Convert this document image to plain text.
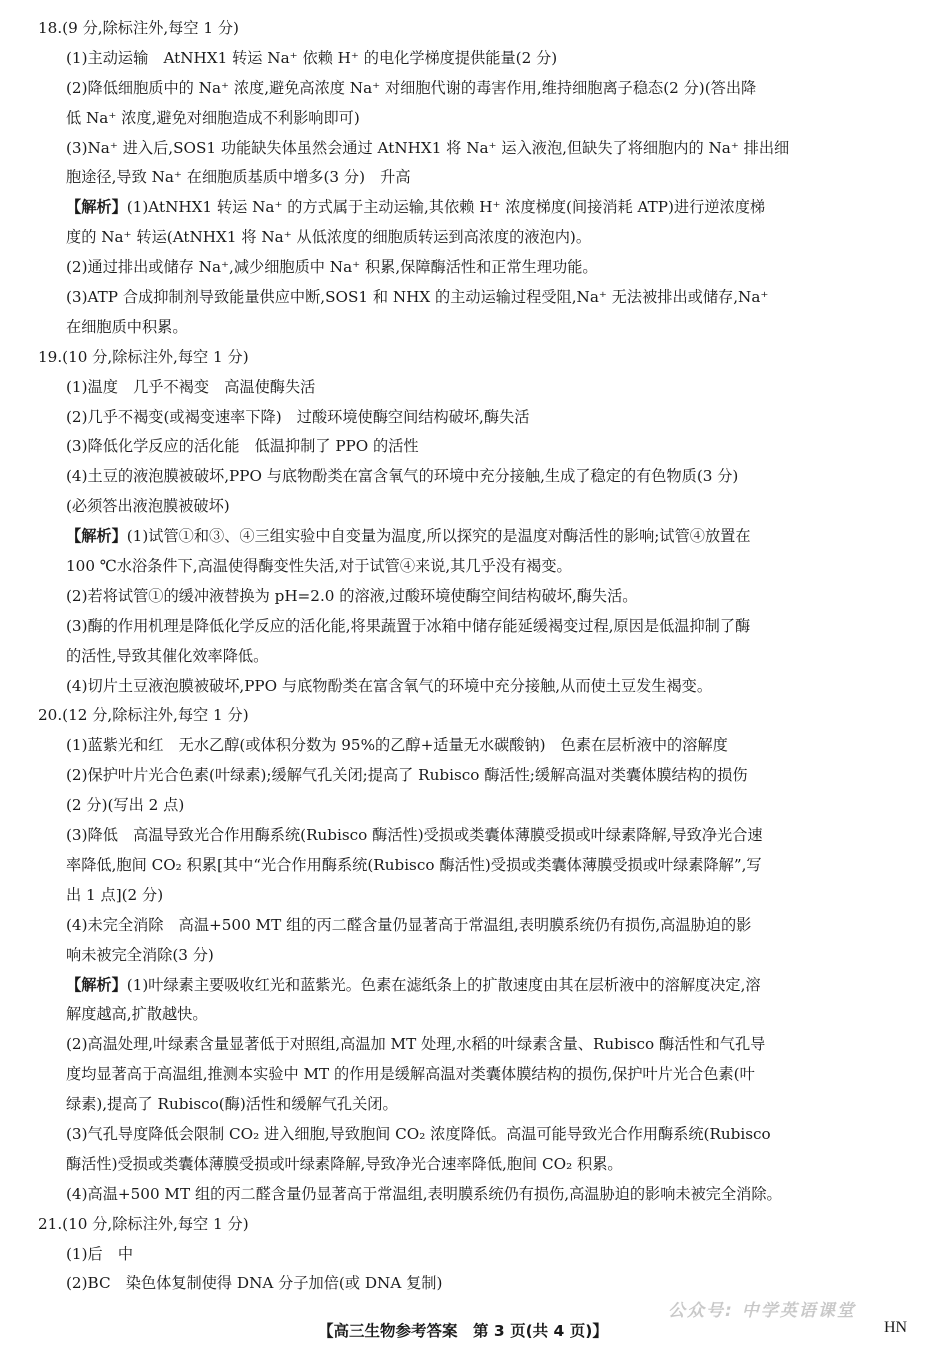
18.(9 分,除标注外,每空 1 分)
(1)主动运输　AtNHX1 转运 Na⁺ 依赖 H⁺ 的电化学梯度提供能量(2 分)
(2)降低细胞质中的 Na⁺ 浓度,避免高浓度 Na⁺ 对细胞代谢的毒害作用,维持细胞离子稳态(2 分)(答出降
低 Na⁺ 浓度,避免对细胞造成不利影响即可)
(3)Na⁺ 进入后,SOS1 功能缺失体虽然会通过 AtNHX1 将 Na⁺ 运入液泡,但缺失了将细胞内的 Na⁺ 排出细
胞途径,导致 Na⁺ 在细胞质基质中增多(3 分)　升高
【解析】(1)AtNHX1 转运 Na⁺ 的方式属于主动运输,其依赖 H⁺ 浓度梯度(间接消耗 ATP)进行逆浓度梯
度的 Na⁺ 转运(AtNHX1 将 Na⁺ 从低浓度的细胞质转运到高浓度的液泡内)。
(2)通过排出或储存 Na⁺,减少细胞质中 Na⁺ 积累,保障酶活性和正常生理功能。
(3)ATP 合成抑制剂导致能量供应中断,SOS1 和 NHX 的主动运输过程受阻,Na⁺ 无法被排出或储存,Na⁺
在细胞质中积累。
19.(10 分,除标注外,每空 1 分)
(1)温度　几乎不褐变　高温使酶失活
(2)几乎不褐变(或褐变速率下降)　过酸环境使酶空间结构破坏,酶失活
(3)降低化学反应的活化能　低温抑制了 PPO 的活性
(4)土豆的液泡膜被破坏,PPO 与底物酚类在富含氧气的环境中充分接触,生成了稳定的有色物质(3 分)
(必须答出液泡膜被破坏)
【解析】(1)试管①和③、④三组实验中自变量为温度,所以探究的是温度对酶活性的影响;试管④放置在
100 ℃水浴条件下,高温使得酶变性失活,对于试管④来说,其几乎没有褐变。
(2)若将试管①的缓冲液替换为 pH=2.0 的溶液,过酸环境使酶空间结构破坏,酶失活。
(3)酶的作用机理是降低化学反应的活化能,将果蔬置于冰箱中储存能延缓褐变过程,原因是低温抑制了酶
的活性,导致其催化效率降低。
(4)切片土豆液泡膜被破坏,PPO 与底物酚类在富含氧气的环境中充分接触,从而使土豆发生褐变。
20.(12 分,除标注外,每空 1 分)
(1)蓝紫光和红　无水乙醇(或体积分数为 95%的乙醇+适量无水碳酸钠)　色素在层析液中的溶解度
(2)保护叶片光合色素(叶绿素);缓解气孔关闭;提高了 Rubisco 酶活性;缓解高温对类囊体膜结构的损伤
(2 分)(写出 2 点)
(3)降低　高温导致光合作用酶系统(Rubisco 酶活性)受损或类囊体薄膜受损或叶绿素降解,导致净光合速
率降低,胞间 CO₂ 积累[其中“光合作用酶系统(Rubisco 酶活性)受损或类囊体薄膜受损或叶绿素降解”,写
出 1 点](2 分)
(4)未完全消除　高温+500 MT 组的丙二醛含量仍显著高于常温组,表明膜系统仍有损伤,高温胁迫的影
响未被完全消除(3 分)
【解析】(1)叶绿素主要吸收红光和蓝紫光。色素在滤纸条上的扩散速度由其在层析液中的溶解度决定,溶
解度越高,扩散越快。
(2)高温处理,叶绿素含量显著低于对照组,高温加 MT 处理,水稻的叶绿素含量、Rubisco 酶活性和气孔导
度均显著高于高温组,推测本实验中 MT 的作用是缓解高温对类囊体膜结构的损伤,保护叶片光合色素(叶
绿素),提高了 Rubisco(酶)活性和缓解气孔关闭。
(3)气孔导度降低会限制 CO₂ 进入细胞,导致胞间 CO₂ 浓度降低。高温可能导致光合作用酶系统(Rubisco
酶活性)受损或类囊体薄膜受损或叶绿素降解,导致净光合速率降低,胞间 CO₂ 积累。
(4)高温+500 MT 组的丙二醛含量仍显著高于常温组,表明膜系统仍有损伤,高温胁迫的影响未被完全消除。
21.(10 分,除标注外,每空 1 分)
(1)后　中
(2)BC　染色体复制使得 DNA 分子加倍(或 DNA 复制)
公众号: 中学英语课堂
【高三生物参考答案　第 3 页(共 4 页)】	HN
